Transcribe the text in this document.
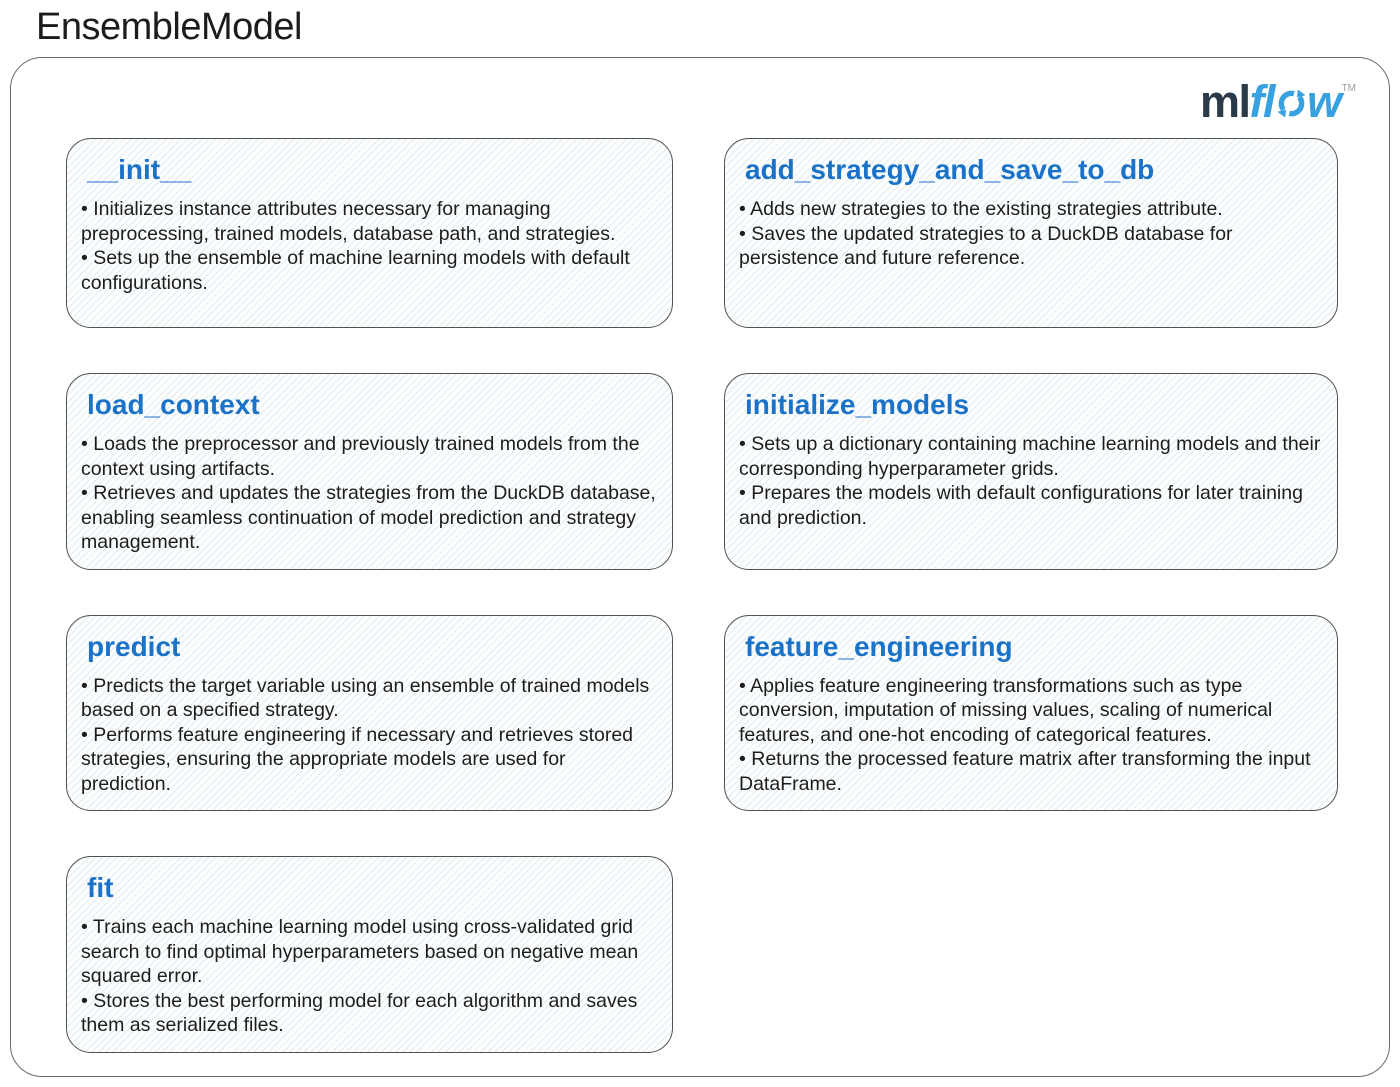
EnsembleModel
mlfl w™
__init__

• Initializes instance attributes necessary for managing preprocessing, trained models, database path, and strategies.

• Sets up the ensemble of machine learning models with default configurations.

add_strategy_and_save_to_db

• Adds new strategies to the existing strategies attribute.

• Saves the updated strategies to a DuckDB database for persistence and future reference.

load_context

• Loads the preprocessor and previously trained models from the context using artifacts.

• Retrieves and updates the strategies from the DuckDB database, enabling seamless continuation of model prediction and strategy management.

initialize_models

• Sets up a dictionary containing machine learning models and their corresponding hyperparameter grids.

• Prepares the models with default configurations for later training and prediction.

predict

• Predicts the target variable using an ensemble of trained models based on a specified strategy.

• Performs feature engineering if necessary and retrieves stored strategies, ensuring the appropriate models are used for prediction.

feature_engineering

• Applies feature engineering transformations such as type conversion, imputation of missing values, scaling of numerical features, and one-hot encoding of categorical features.

• Returns the processed feature matrix after transforming the input DataFrame.

fit

• Trains each machine learning model using cross-validated grid search to find optimal hyperparameters based on negative mean squared error.

• Stores the best performing model for each algorithm and saves them as serialized files.
